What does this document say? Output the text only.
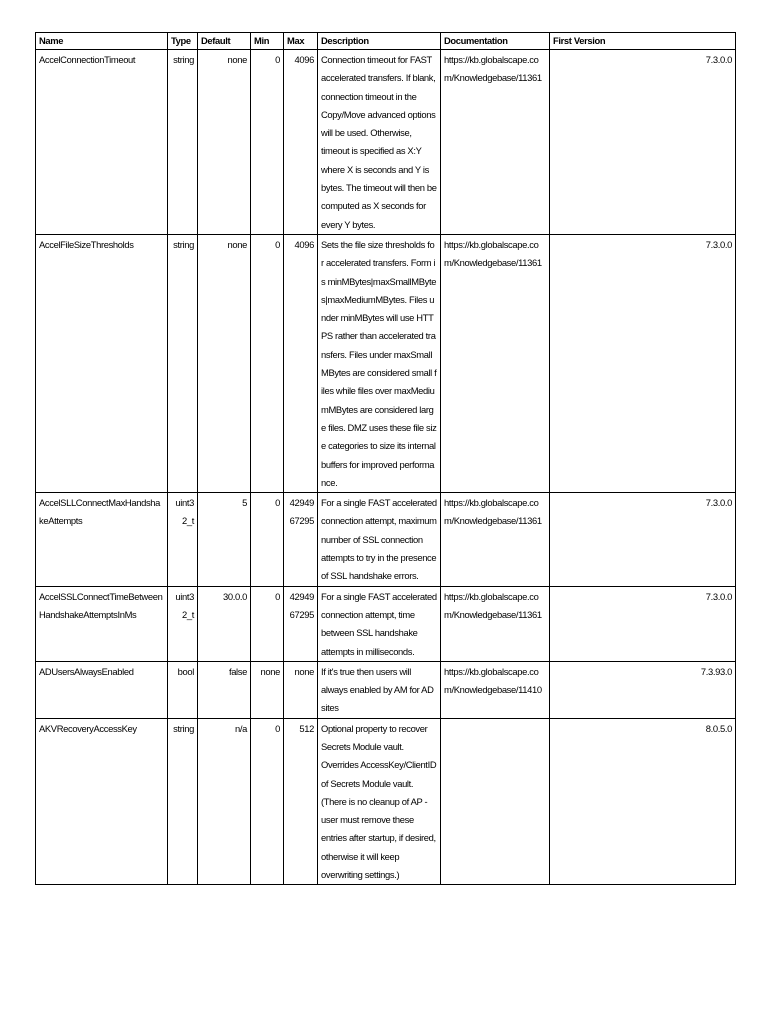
Name	Type	Default	Min	Max	Description	Documentation	First Version
AccelConnectionTimeout	string	none	0	4096	Connection timeout for FAST accelerated transfers. If blank, connection timeout in the Copy/Move advanced options will be used. Otherwise, timeout is specified as X:Y where X is seconds and Y is bytes. The timeout will then be computed as X seconds for every Y bytes.	https://kb.globalscape.com/Knowledgebase/11361	7.3.0.0
AccelFileSizeThresholds	string	none	0	4096	Sets the file size thresholds for accelerated transfers. Form is minMBytes|maxSmallMBytes|maxMediumMBytes. Files under minMBytes will use HTTPS rather than accelerated transfers. Files under maxSmallMBytes are considered small files while files over maxMediumMBytes are considered large files. DMZ uses these file size categories to size its internal buffers for improved performance.	https://kb.globalscape.com/Knowledgebase/11361	7.3.0.0
AccelSLLConnectMaxHandshakeAttempts	uint32_t	5	0	4294967295	For a single FAST accelerated connection attempt, maximum number of SSL connection attempts to try in the presence of SSL handshake errors.	https://kb.globalscape.com/Knowledgebase/11361	7.3.0.0
AccelSSLConnectTimeBetweenHandshakeAttemptsInMs	uint32_t	30.0.0	0	4294967295	For a single FAST accelerated connection attempt, time between SSL handshake attempts in milliseconds.	https://kb.globalscape.com/Knowledgebase/11361	7.3.0.0
ADUsersAlwaysEnabled	bool	false	none	none	If it's true then users will always enabled by AM for AD sites	https://kb.globalscape.com/Knowledgebase/11410	7.3.93.0
AKVRecoveryAccessKey	string	n/a	0	512	Optional property to recover Secrets Module vault. Overrides AccessKey/ClientID of Secrets Module vault. (There is no cleanup of AP - user must remove these entries after startup, if desired, otherwise it will keep overwriting settings.)		8.0.5.0
